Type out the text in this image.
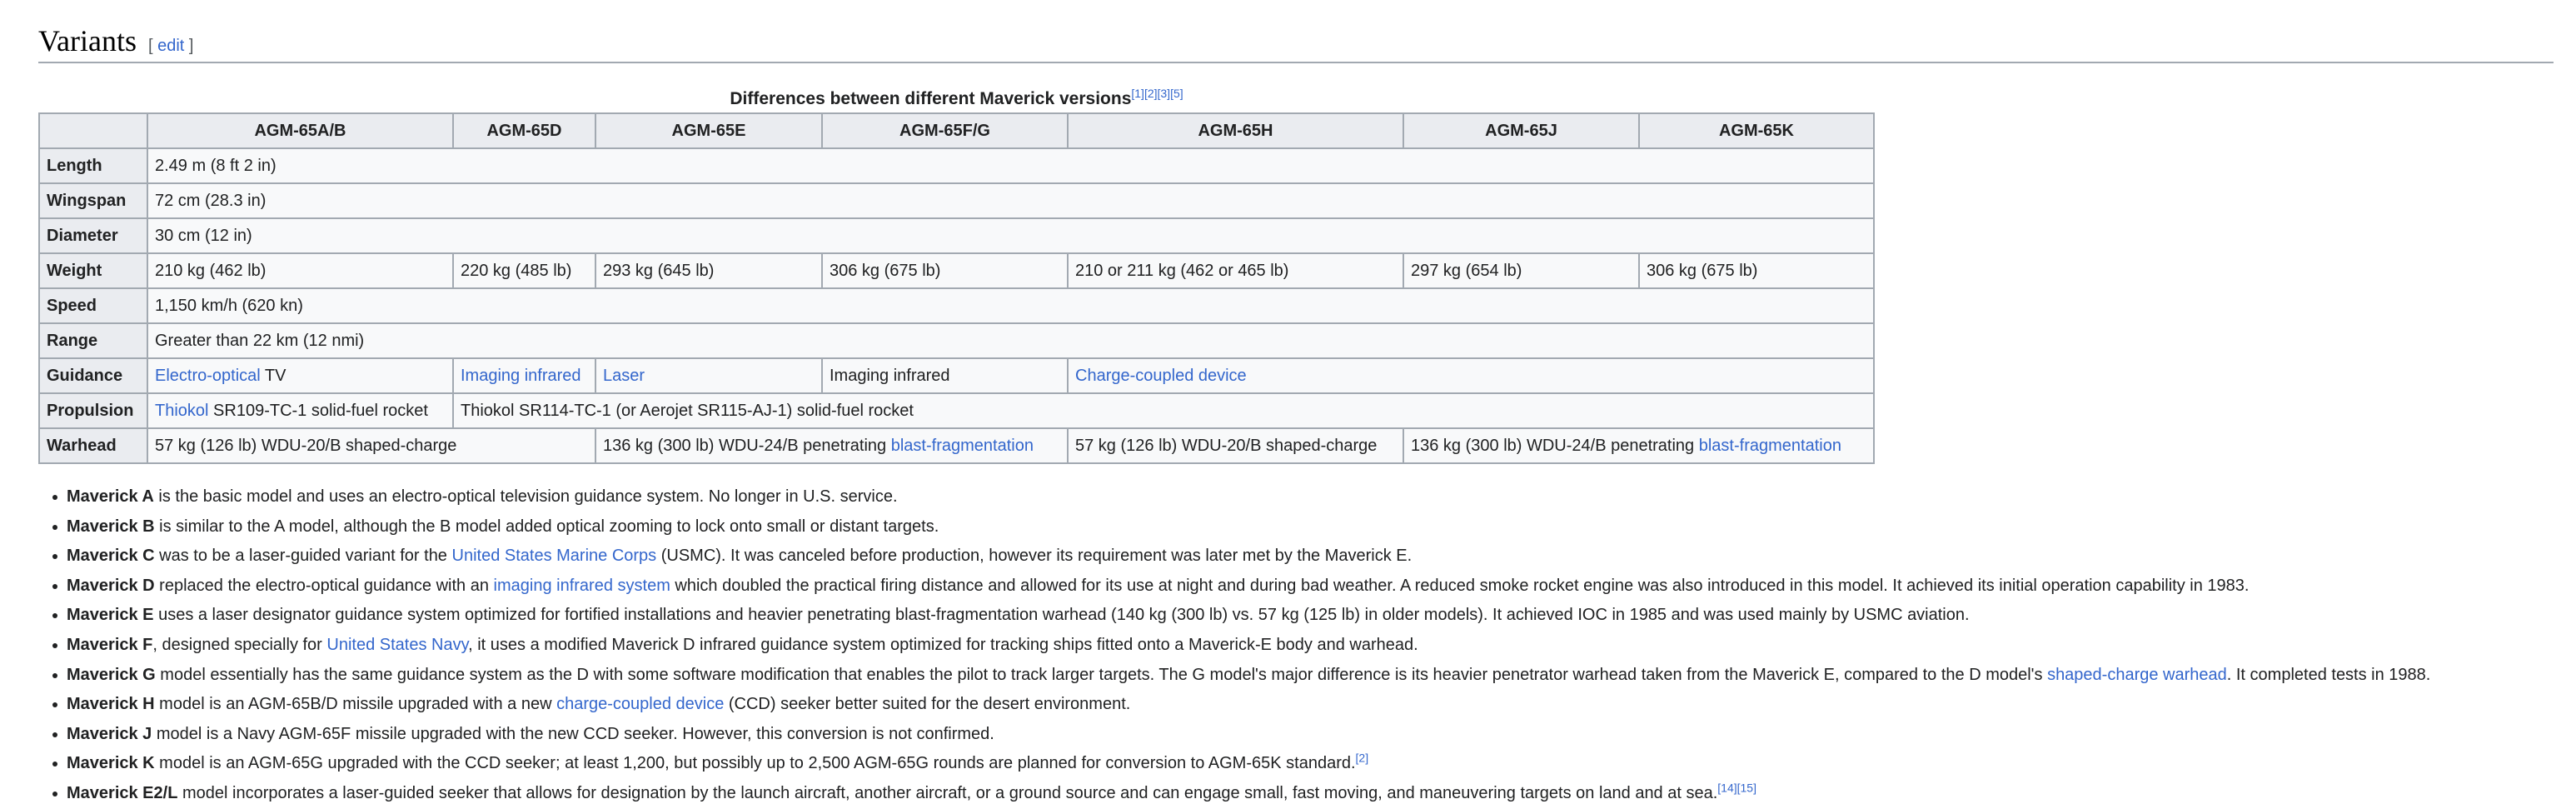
Variants [ edit ]
Differences between different Maverick versions[1][2][3][5]
	AGM-65A/B	AGM-65D	AGM-65E	AGM-65F/G	AGM-65H	AGM-65J	AGM-65K
Length	2.49 m (8 ft 2 in)						
Wingspan	72 cm (28.3 in)						
Diameter	30 cm (12 in)						
Weight	210 kg (462 lb)	220 kg (485 lb)	293 kg (645 lb)	306 kg (675 lb)	210 or 211 kg (462 or 465 lb)	297 kg (654 lb)	306 kg (675 lb)
Speed	1,150 km/h (620 kn)						
Range	Greater than 22 km (12 nmi)						
Guidance	Electro-optical TV	Imaging infrared	Laser	Imaging infrared	Charge-coupled device		
Propulsion	Thiokol SR109-TC-1 solid-fuel rocket	Thiokol SR114-TC-1 (or Aerojet SR115-AJ-1) solid-fuel rocket					
Warhead	57 kg (126 lb) WDU-20/B shaped-charge		136 kg (300 lb) WDU-24/B penetrating blast-fragmentation		57 kg (126 lb) WDU-20/B shaped-charge	136 kg (300 lb) WDU-24/B penetrating blast-fragmentation	
Maverick A is the basic model and uses an electro-optical television guidance system. No longer in U.S. service.
Maverick B is similar to the A model, although the B model added optical zooming to lock onto small or distant targets.
Maverick C was to be a laser-guided variant for the United States Marine Corps (USMC). It was canceled before production, however its requirement was later met by the Maverick E.
Maverick D replaced the electro-optical guidance with an imaging infrared system which doubled the practical firing distance and allowed for its use at night and during bad weather. A reduced smoke rocket engine was also introduced in this model. It achieved its initial operation capability in 1983.
Maverick E uses a laser designator guidance system optimized for fortified installations and heavier penetrating blast-fragmentation warhead (140 kg (300 lb) vs. 57 kg (125 lb) in older models). It achieved IOC in 1985 and was used mainly by USMC aviation.
Maverick F, designed specially for United States Navy, it uses a modified Maverick D infrared guidance system optimized for tracking ships fitted onto a Maverick-E body and warhead.
Maverick G model essentially has the same guidance system as the D with some software modification that enables the pilot to track larger targets. The G model's major difference is its heavier penetrator warhead taken from the Maverick E, compared to the D model's shaped-charge warhead. It completed tests in 1988.
Maverick H model is an AGM-65B/D missile upgraded with a new charge-coupled device (CCD) seeker better suited for the desert environment.
Maverick J model is a Navy AGM-65F missile upgraded with the new CCD seeker. However, this conversion is not confirmed.
Maverick K model is an AGM-65G upgraded with the CCD seeker; at least 1,200, but possibly up to 2,500 AGM-65G rounds are planned for conversion to AGM-65K standard.[2]
Maverick E2/L model incorporates a laser-guided seeker that allows for designation by the launch aircraft, another aircraft, or a ground source and can engage small, fast moving, and maneuvering targets on land and at sea.[14][15]
